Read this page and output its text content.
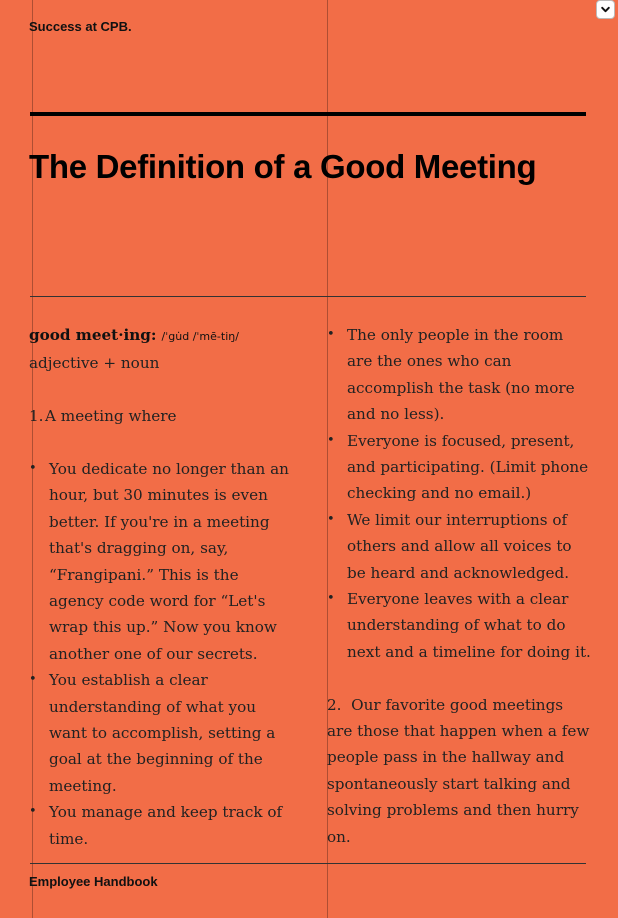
Success at CPB.
The Definition of a Good Meeting

good meet·ing: /ˈgu̇d /ˈmē-tiŋ/

adjective + noun

1. A meeting where

• You dedicate no longer than an hour, but 30 minutes is even better. If you're in a meeting that's dragging on, say, “Frangipani.” This is the agency code word for “Let's wrap this up.” Now you know another one of our secrets.
• You establish a clear understanding of what you want to accomplish, setting a goal at the beginning of the meeting.
• You manage and keep track of time.
• The only people in the room are the ones who can accomplish the task (no more and no less).
• Everyone is focused, present, and participating. (Limit phone checking and no email.)
• We limit our interruptions of others and allow all voices to be heard and acknowledged.
• Everyone leaves with a clear understanding of what to do next and a timeline for doing it.

2. Our favorite good meetings are those that happen when a few people pass in the hallway and spontaneously start talking and solving problems and then hurry on.

Employee Handbook
